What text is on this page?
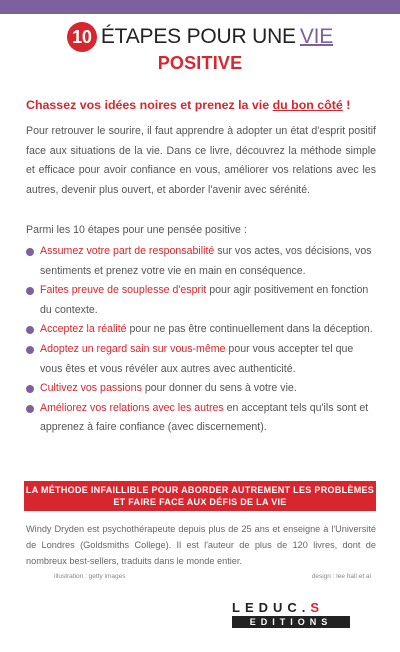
10 ÉTAPES POUR UNE VIE
POSITIVE
Chassez vos idées noires et prenez la vie du bon côté !

Pour retrouver le sourire, il faut apprendre à adopter un état d'esprit positif face aux situations de la vie. Dans ce livre, découvrez la méthode simple et efficace pour avoir confiance en vous, améliorer vos relations avec les autres, devenir plus ouvert, et aborder l'avenir avec sérénité.

Parmi les 10 étapes pour une pensée positive :

Assumez votre part de responsabilité sur vos actes, vos décisions, vos sentiments et prenez votre vie en main en conséquence.
Faites preuve de souplesse d'esprit pour agir positivement en fonction du contexte.
Acceptez la réalité pour ne pas être continuellement dans la déception.
Adoptez un regard sain sur vous-même pour vous accepter tel que vous êtes et vous révéler aux autres avec authenticité.
Cultivez vos passions pour donner du sens à votre vie.
Améliorez vos relations avec les autres en acceptant tels qu'ils sont et apprenez à faire confiance (avec discernement).
LA MÉTHODE INFAILLIBLE POUR ABORDER AUTREMENT LES PROBLÈMES
ET FAIRE FACE AUX DÉFIS DE LA VIE

Windy Dryden est psychothérapeute depuis plus de 25 ans et enseigne à l'Université de Londres (Goldsmiths College). Il est l'auteur de plus de 120 livres, dont de nombreux best-sellers, traduits dans le monde entier.

illustration : getty images	design : lee hall et al
LEDUC.S
EDITIONS
